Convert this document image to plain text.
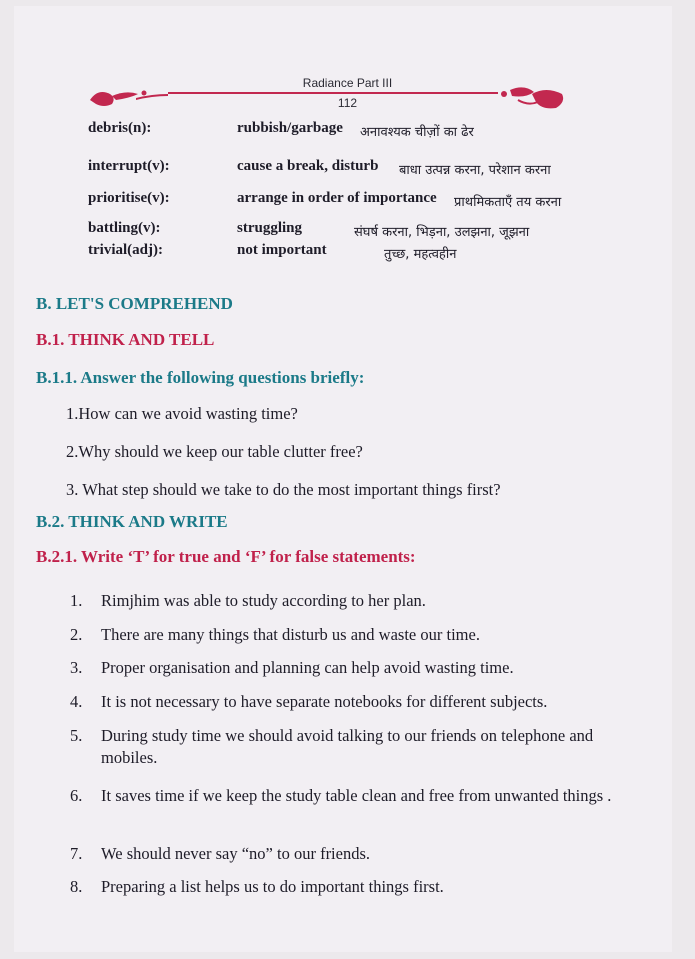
Radiance Part III
112
debris(n):	rubbish/garbage अनावश्यक चीज़ों का ढेर
interrupt(v):	cause a break, disturb बाधा उत्पन्न करना, परेशान करना
prioritise(v):	arrange in order of importance प्राथमिकताएँ तय करना
battling(v):	struggling	संघर्ष करना, भिड़ना, उलझना, जूझना
trivial(adj):	not important	तुच्छ, महत्वहीन
B. LET'S COMPREHEND
B.1. THINK AND TELL
B.1.1. Answer the following questions briefly:
1.How can we avoid wasting time?
2.Why should we keep our table clutter free?
3. What step should we take to do the most important things first?
B.2. THINK AND WRITE
B.2.1. Write ‘T’ for true and ‘F’ for false statements:
1. Rimjhim was able to study according to her plan.
2. There are many things that disturb us and waste our time.
3. Proper organisation and planning can help avoid wasting time.
4. It is not necessary to have separate notebooks for different subjects.
5. During study time we should avoid talking to our friends on telephone and mobiles.
6. It saves time if we keep the study table clean and free from unwanted things .
7. We should never say “no” to our friends.
8. Preparing a list helps us to do important things first.
